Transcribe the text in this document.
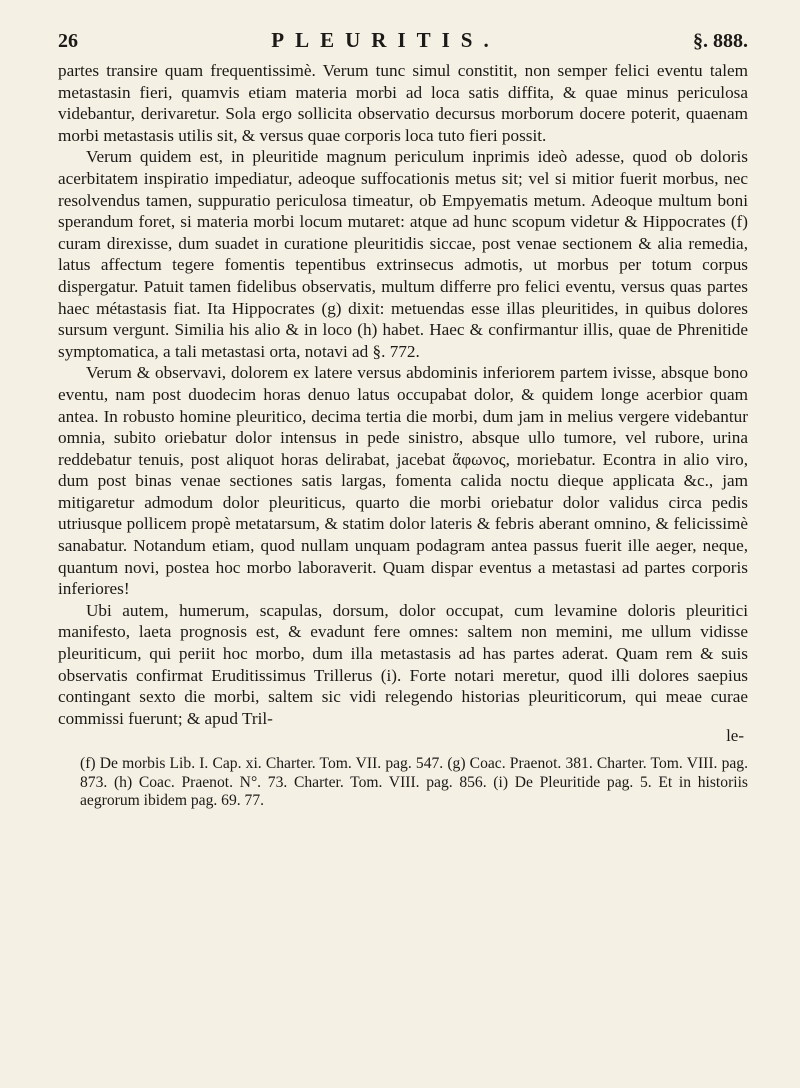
26	PLEURITIS.	§. 888.

partes transire quam frequentissimè. Verum tunc simul constitit, non semper felici eventu talem metastasin fieri, quamvis etiam materia morbi ad loca satis diffita, & quae minus periculosa videbantur, derivaretur. Sola ergo sollicita observatio decursus morborum docere poterit, quaenam morbi metastasis utilis sit, & versus quae corporis loca tuto fieri possit.

Verum quidem est, in pleuritide magnum periculum inprimis ideò adesse, quod ob doloris acerbitatem inspiratio impediatur, adeoque suffocationis metus sit; vel si mitior fuerit morbus, nec resolvendus tamen, suppuratio periculosa timeatur, ob Empyematis metum. Adeoque multum boni sperandum foret, si materia morbi locum mutaret: atque ad hunc scopum videtur & Hippocrates (f) curam direxisse, dum suadet in curatione pleuritidis siccae, post venae sectionem & alia remedia, latus affectum tegere fomentis tepentibus extrinsecus admotis, ut morbus per totum corpus dispergatur. Patuit tamen fidelibus observatis, multum differre pro felici eventu, versus quas partes haec métastasis fiat. Ita Hippocrates (g) dixit: metuendas esse illas pleuritides, in quibus dolores sursum vergunt. Similia his alio & in loco (h) habet. Haec & confirmantur illis, quae de Phrenitide symptomatica, a tali metastasi orta, notavi ad §. 772.

Verum & observavi, dolorem ex latere versus abdominis inferiorem partem ivisse, absque bono eventu, nam post duodecim horas denuo latus occupabat dolor, & quidem longe acerbior quam antea. In robusto homine pleuritico, decima tertia die morbi, dum jam in melius vergere videbantur omnia, subito oriebatur dolor intensus in pede sinistro, absque ullo tumore, vel rubore, urina reddebatur tenuis, post aliquot horas delirabat, jacebat ἄφωνος, moriebatur. Econtra in alio viro, dum post binas venae sectiones satis largas, fomenta calida noctu dieque applicata &c., jam mitigaretur admodum dolor pleuriticus, quarto die morbi oriebatur dolor validus circa pedis utriusque pollicem propè metatarsum, & statim dolor lateris & febris aberant omnino, & felicissimè sanabatur. Notandum etiam, quod nullam unquam podagram antea passus fuerit ille aeger, neque, quantum novi, postea hoc morbo laboraverit. Quam dispar eventus a metastasi ad partes corporis inferiores!

Ubi autem, humerum, scapulas, dorsum, dolor occupat, cum levamine doloris pleuritici manifesto, laeta prognosis est, & evadunt fere omnes: saltem non memini, me ullum vidisse pleuriticum, qui periit hoc morbo, dum illa metastasis ad has partes aderat. Quam rem & suis observatis confirmat Eruditissimus Trillerus (i). Forte notari meretur, quod illi dolores saepius contingant sexto die morbi, saltem sic vidi relegendo historias pleuriticorum, qui meae curae commissi fuerunt; & apud Tril-

le-

(f) De morbis Lib. I. Cap. xi. Charter. Tom. VII. pag. 547. (g) Coac. Praenot. 381. Charter. Tom. VIII. pag. 873. (h) Coac. Praenot. N°. 73. Charter. Tom. VIII. pag. 856. (i) De Pleuritide pag. 5. Et in historiis aegrorum ibidem pag. 69. 77.
